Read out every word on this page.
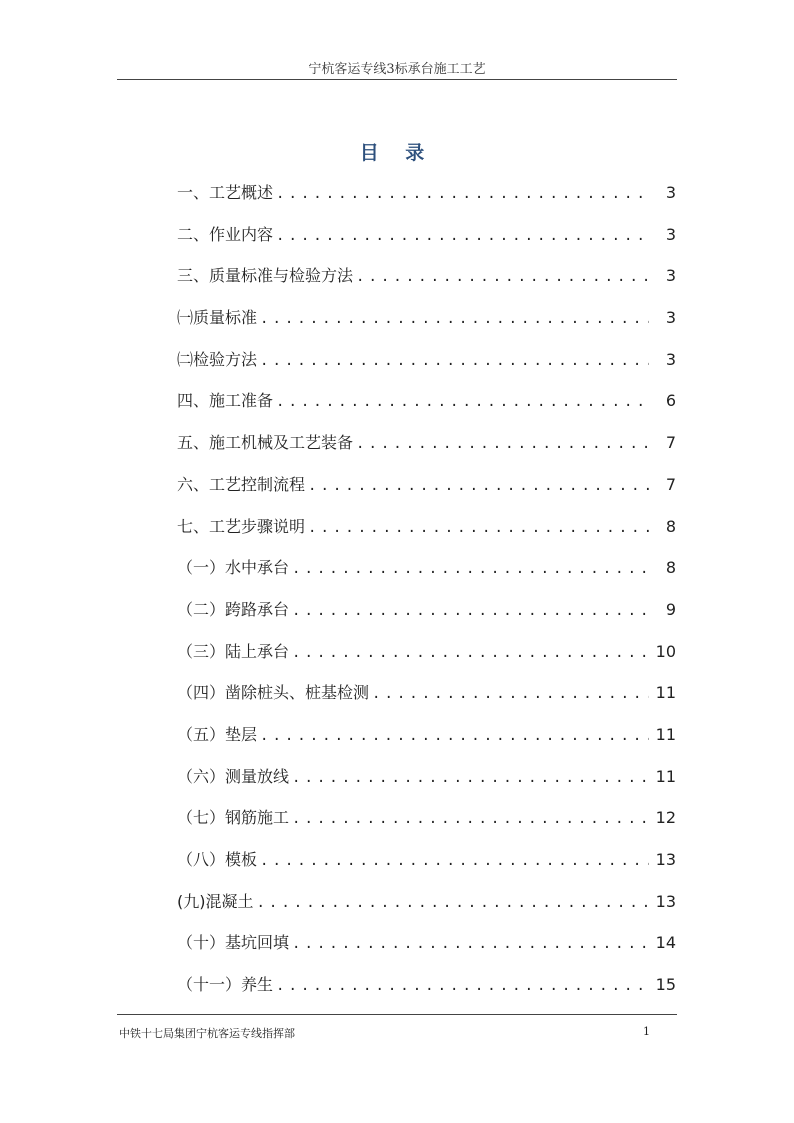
宁杭客运专线3标承台施工工艺
目 录
一、工艺概述 .....	3
二、作业内容 .....	3
三、质量标准与检验方法 .....	3
㈠质量标准 .....	3
㈡检验方法 .....	3
四、施工准备 .....	6
五、施工机械及工艺装备 .....	7
六、工艺控制流程 .....	7
七、工艺步骤说明 .....	8
（一）水中承台 .....	8
（二）跨路承台 .....	9
（三）陆上承台 .....	10
（四）凿除桩头、桩基检测 .....	11
（五）垫层 .....	11
（六）测量放线 .....	11
（七）钢筋施工 .....	12
（八）模板 .....	13
(九)混凝土 .....	13
（十）基坑回填 .....	14
（十一）养生 .....	15
中铁十七局集团宁杭客运专线指挥部	1
